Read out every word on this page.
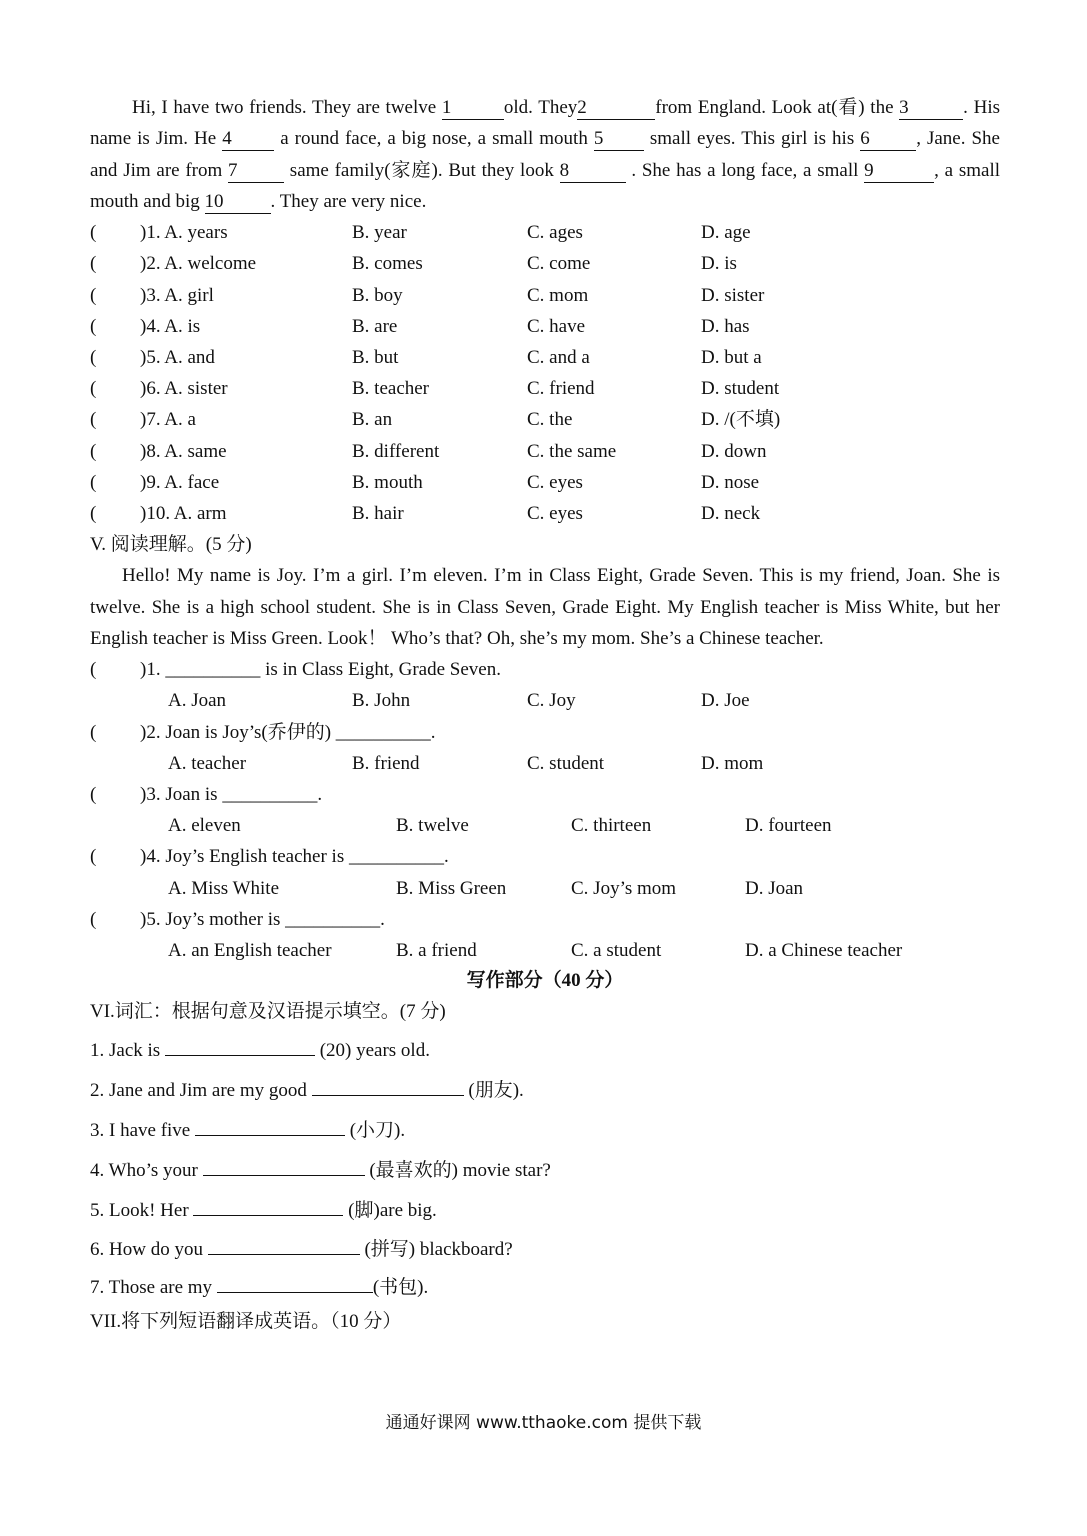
Hi, I have two friends. They are twelve 1	old. They2	from England. Look at(看) the 3	. His name is Jim. He 4 a round face, a big nose, a small mouth 5 small eyes. This girl is his 6 , Jane. She and Jim are from 7 same family(家庭). But they look 8	. She has a long face, a small 9	, a small mouth and big 10 . They are very nice.

( )1. A. years	B. year	C. ages	D. age
( )2. A. welcome	B. comes	C. come	D. is
( )3. A. girl	B. boy	C. mom	D. sister
( )4. A. is	B. are	C. have	D. has
( )5. A. and	B. but	C. and a	D. but a
( )6. A. sister	B. teacher	C. friend	D. student
( )7. A. a	B. an	C. the	D. /(不填)
( )8. A. same	B. different	C. the same	D. down
( )9. A. face	B. mouth	C. eyes	D. nose
( )10. A. arm	B. hair	C. eyes	D. neck

V. 阅读理解。(5 分)

Hello! My name is Joy. I’m a girl. I’m eleven. I’m in Class Eight, Grade Seven. This is my friend, Joan. She is twelve. She is a high school student. She is in Class Seven, Grade Eight. My English teacher is Miss White, but her English teacher is Miss Green. Look！ Who’s that? Oh, she’s my mom. She’s a Chinese teacher.

( )1. __________ is in Class Eight, Grade Seven.
A. Joan	B. John	C. Joy	D. Joe
( )2. Joan is Joy’s(乔伊的) __________.
A. teacher	B. friend	C. student	D. mom
( )3. Joan is __________.
A. eleven	B. twelve	C. thirteen	D. fourteen
( )4. Joy’s English teacher is __________.
A. Miss White	B. Miss Green	C. Joy’s mom	D. Joan
( )5. Joy’s mother is __________.
A. an English teacher	B. a friend	C. a student	D. a Chinese teacher

写作部分（40 分）

VI.词汇：根据句意及汉语提示填空。(7 分)

1. Jack is	(20) years old.

2. Jane and Jim are my good	(朋友).

3. I have five	(小刀).

4. Who’s your	(最喜欢的) movie star?

5. Look! Her	(脚)are big.

6. How do you	(拼写) blackboard?

7. Those are my	(书包).

VII.将下列短语翻译成英语。（10 分）

通通好课网 www.tthaoke.com 提供下载
